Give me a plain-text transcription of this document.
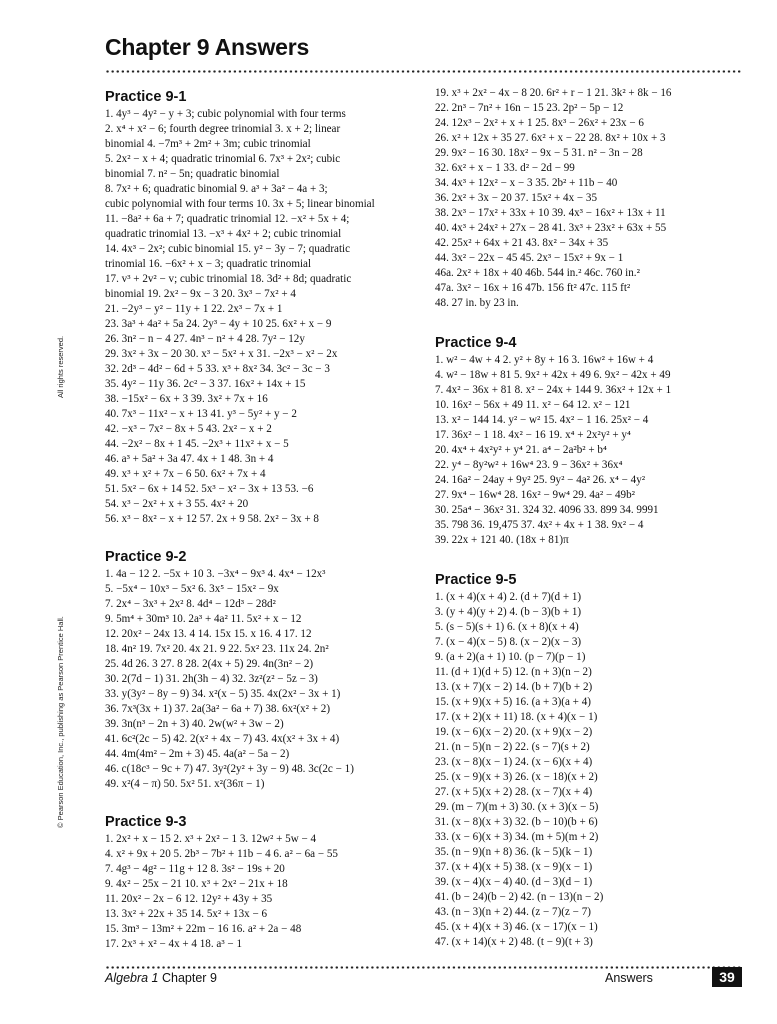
Chapter 9 Answers
All rights reserved.
© Pearson Education, Inc., publishing as Pearson Prentice Hall.
Practice 9-1
1. 4y³ − 4y² − y + 3; cubic polynomial with four terms
2. x⁴ + x² − 6; fourth degree trinomial 3. x + 2; linear
binomial 4. −7m³ + 2m² + 3m; cubic trinomial
5. 2x² − x + 4; quadratic trinomial 6. 7x³ + 2x²; cubic
binomial 7. n² − 5n; quadratic binomial
8. 7x² + 6; quadratic binomial 9. a³ + 3a² − 4a + 3;
cubic polynomial with four terms 10. 3x + 5; linear binomial
11. −8a² + 6a + 7; quadratic trinomial 12. −x² + 5x + 4;
quadratic trinomial 13. −x³ + 4x² + 2; cubic trinomial
14. 4x³ − 2x²; cubic binomial 15. y² − 3y − 7; quadratic
trinomial 16. −6x² + x − 3; quadratic trinomial
17. v³ + 2v² − v; cubic trinomial 18. 3d² + 8d; quadratic
binomial 19. 2x² − 9x − 3 20. 3x³ − 7x² + 4
21. −2y³ − y² − 11y + 1 22. 2x³ − 7x + 1
23. 3a³ + 4a² + 5a 24. 2y³ − 4y + 10 25. 6x² + x − 9
26. 3n² − n − 4 27. 4n³ − n² + 4 28. 7y² − 12y
29. 3x² + 3x − 20 30. x³ − 5x² + x 31. −2x³ − x² − 2x
32. 2d³ − 4d² − 6d + 5 33. x³ + 8x² 34. 3c² − 3c − 3
35. 4y² − 11y 36. 2c² − 3 37. 16x² + 14x + 15
38. −15x² − 6x + 3 39. 3x² + 7x + 16
40. 7x³ − 11x² − x + 13 41. y³ − 5y² + y − 2
42. −x³ − 7x² − 8x + 5 43. 2x² − x + 2
44. −2x² − 8x + 1 45. −2x³ + 11x² + x − 5
46. a³ + 5a² + 3a 47. 4x + 1 48. 3n + 4
49. x³ + x² + 7x − 6 50. 6x² + 7x + 4
51. 5x² − 6x + 14 52. 5x³ − x² − 3x + 13 53. −6
54. x³ − 2x² + x + 3 55. 4x² + 20
56. x³ − 8x² − x + 12 57. 2x + 9 58. 2x² − 3x + 8
Practice 9-2
1. 4a − 12 2. −5x + 10 3. −3x⁴ − 9x³ 4. 4x⁴ − 12x³
5. −5x⁴ − 10x³ − 5x² 6. 3x⁵ − 15x² − 9x
7. 2x⁴ − 3x³ + 2x² 8. 4d⁴ − 12d³ − 28d²
9. 5m⁴ + 30m³ 10. 2a³ + 4a² 11. 5x² + x − 12
12. 20x² − 24x 13. 4 14. 15x 15. x 16. 4 17. 12
18. 4n² 19. 7x² 20. 4x 21. 9 22. 5x² 23. 11x 24. 2n²
25. 4d 26. 3 27. 8 28. 2(4x + 5) 29. 4n(3n² − 2)
30. 2(7d − 1) 31. 2h(3h − 4) 32. 3z²(z² − 5z − 3)
33. y(3y² − 8y − 9) 34. x²(x − 5) 35. 4x(2x² − 3x + 1)
36. 7x³(3x + 1) 37. 2a(3a² − 6a + 7) 38. 6x²(x² + 2)
39. 3n(n³ − 2n + 3) 40. 2w(w² + 3w − 2)
41. 6c²(2c − 5) 42. 2(x² + 4x − 7) 43. 4x(x² + 3x + 4)
44. 4m(4m² − 2m + 3) 45. 4a(a² − 5a − 2)
46. c(18c³ − 9c + 7) 47. 3y²(2y² + 3y − 9) 48. 3c(2c − 1)
49. x²(4 − π) 50. 5x² 51. x²(36π − 1)
Practice 9-3
1. 2x² + x − 15 2. x³ + 2x² − 1 3. 12w² + 5w − 4
4. x² + 9x + 20 5. 2b³ − 7b² + 11b − 4 6. a² − 6a − 55
7. 4g³ − 4g² − 11g + 12 8. 3s² − 19s + 20
9. 4x² − 25x − 21 10. x³ + 2x² − 21x + 18
11. 20x² − 2x − 6 12. 12y² + 43y + 35
13. 3x² + 22x + 35 14. 5x² + 13x − 6
15. 3m³ − 13m² + 22m − 16 16. a² + 2a − 48
17. 2x³ + x² − 4x + 4 18. a³ − 1
19. x³ + 2x² − 4x − 8 20. 6r² + r − 1 21. 3k² + 8k − 16
22. 2n³ − 7n² + 16n − 15 23. 2p² − 5p − 12
24. 12x³ − 2x² + x + 1 25. 8x³ − 26x² + 23x − 6
26. x² + 12x + 35 27. 6x² + x − 22 28. 8x² + 10x + 3
29. 9x² − 16 30. 18x² − 9x − 5 31. n² − 3n − 28
32. 6x² + x − 1 33. d² − 2d − 99
34. 4x³ + 12x² − x − 3 35. 2b² + 11b − 40
36. 2x² + 3x − 20 37. 15x² + 4x − 35
38. 2x³ − 17x² + 33x + 10 39. 4x³ − 16x² + 13x + 11
40. 4x³ + 24x² + 27x − 28 41. 3x³ + 23x² + 63x + 55
42. 25x² + 64x + 21 43. 8x² − 34x + 35
44. 3x² − 22x − 45 45. 2x³ − 15x² + 9x − 1
46a. 2x² + 18x + 40 46b. 544 in.² 46c. 760 in.²
47a. 3x² − 16x + 16 47b. 156 ft² 47c. 115 ft²
48. 27 in. by 23 in.
Practice 9-4
1. w² − 4w + 4 2. y² + 8y + 16 3. 16w² + 16w + 4
4. w² − 18w + 81 5. 9x² + 42x + 49 6. 9x² − 42x + 49
7. 4x² − 36x + 81 8. x² − 24x + 144 9. 36x² + 12x + 1
10. 16x² − 56x + 49 11. x² − 64 12. x² − 121
13. x² − 144 14. y² − w² 15. 4x² − 1 16. 25x² − 4
17. 36x² − 1 18. 4x² − 16 19. x⁴ + 2x²y² + y⁴
20. 4x⁴ + 4x²y² + y⁴ 21. a⁴ − 2a²b² + b⁴
22. y⁴ − 8y²w² + 16w⁴ 23. 9 − 36x² + 36x⁴
24. 16a² − 24ay + 9y² 25. 9y² − 4a² 26. x⁴ − 4y²
27. 9x⁴ − 16w⁴ 28. 16x² − 9w⁴ 29. 4a² − 49b²
30. 25a⁴ − 36x² 31. 324 32. 4096 33. 899 34. 9991
35. 798 36. 19,475 37. 4x² + 4x + 1 38. 9x² − 4
39. 22x + 121 40. (18x + 81)π
Practice 9-5
1. (x + 4)(x + 4) 2. (d + 7)(d + 1)
3. (y + 4)(y + 2) 4. (b − 3)(b + 1)
5. (s − 5)(s + 1) 6. (x + 8)(x + 4)
7. (x − 4)(x − 5) 8. (x − 2)(x − 3)
9. (a + 2)(a + 1) 10. (p − 7)(p − 1)
11. (d + 1)(d + 5) 12. (n + 3)(n − 2)
13. (x + 7)(x − 2) 14. (b + 7)(b + 2)
15. (x + 9)(x + 5) 16. (a + 3)(a + 4)
17. (x + 2)(x + 11) 18. (x + 4)(x − 1)
19. (x − 6)(x − 2) 20. (x + 9)(x − 2)
21. (n − 5)(n − 2) 22. (s − 7)(s + 2)
23. (x − 8)(x − 1) 24. (x − 6)(x + 4)
25. (x − 9)(x + 3) 26. (x − 18)(x + 2)
27. (x + 5)(x + 2) 28. (x − 7)(x + 4)
29. (m − 7)(m + 3) 30. (x + 3)(x − 5)
31. (x − 8)(x + 3) 32. (b − 10)(b + 6)
33. (x − 6)(x + 3) 34. (m + 5)(m + 2)
35. (n − 9)(n + 8) 36. (k − 5)(k − 1)
37. (x + 4)(x + 5) 38. (x − 9)(x − 1)
39. (x − 4)(x − 4) 40. (d − 3)(d − 1)
41. (b − 24)(b − 2) 42. (n − 13)(n − 2)
43. (n − 3)(n + 2) 44. (z − 7)(z − 7)
45. (x + 4)(x + 3) 46. (x − 17)(x − 1)
47. (x + 14)(x + 2) 48. (t − 9)(t + 3)
Algebra 1 Chapter 9	Answers	39
